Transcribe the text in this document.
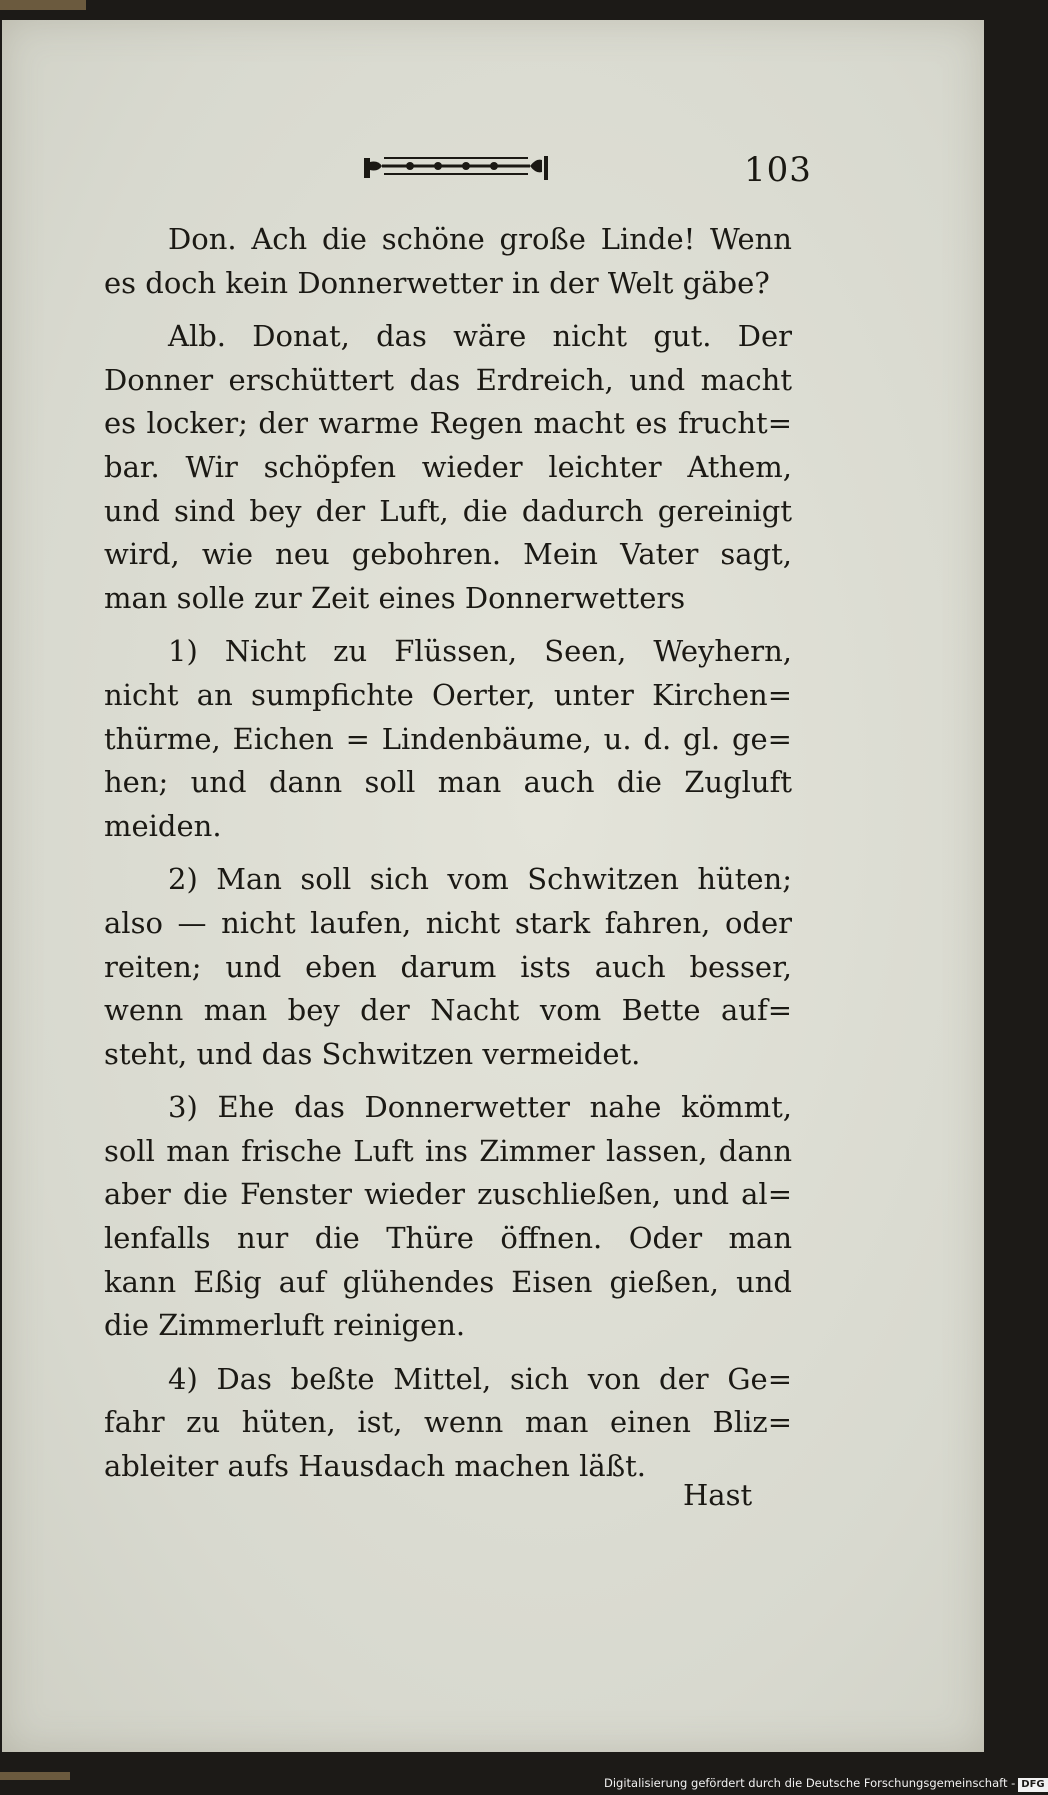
103

Don. Ach die schöne große Linde! Wenn
es doch kein Donnerwetter in der Welt gäbe?

Alb. Donat, das wäre nicht gut. Der
Donner erschüttert das Erdreich, und macht
es locker; der warme Regen macht es frucht=
bar. Wir schöpfen wieder leichter Athem,
und sind bey der Luft, die dadurch gereinigt
wird, wie neu gebohren. Mein Vater sagt,
man solle zur Zeit eines Donnerwetters

1) Nicht zu Flüssen, Seen, Weyhern,
nicht an sumpfichte Oerter, unter Kirchen=
thürme, Eichen = Lindenbäume, u. d. gl. ge=
hen; und dann soll man auch die Zugluft
meiden.

2) Man soll sich vom Schwitzen hüten;
also — nicht laufen, nicht stark fahren, oder
reiten; und eben darum ists auch besser,
wenn man bey der Nacht vom Bette auf=
steht, und das Schwitzen vermeidet.

3) Ehe das Donnerwetter nahe kömmt,
soll man frische Luft ins Zimmer lassen, dann
aber die Fenster wieder zuschließen, und al=
lenfalls nur die Thüre öffnen. Oder man
kann Eßig auf glühendes Eisen gießen, und
die Zimmerluft reinigen.

4) Das beßte Mittel, sich von der Ge=
fahr zu hüten, ist, wenn man einen Bliz=
ableiter aufs Hausdach machen läßt.

Hast
Digitalisierung gefördert durch die Deutsche Forschungsgemeinschaft - DFG
